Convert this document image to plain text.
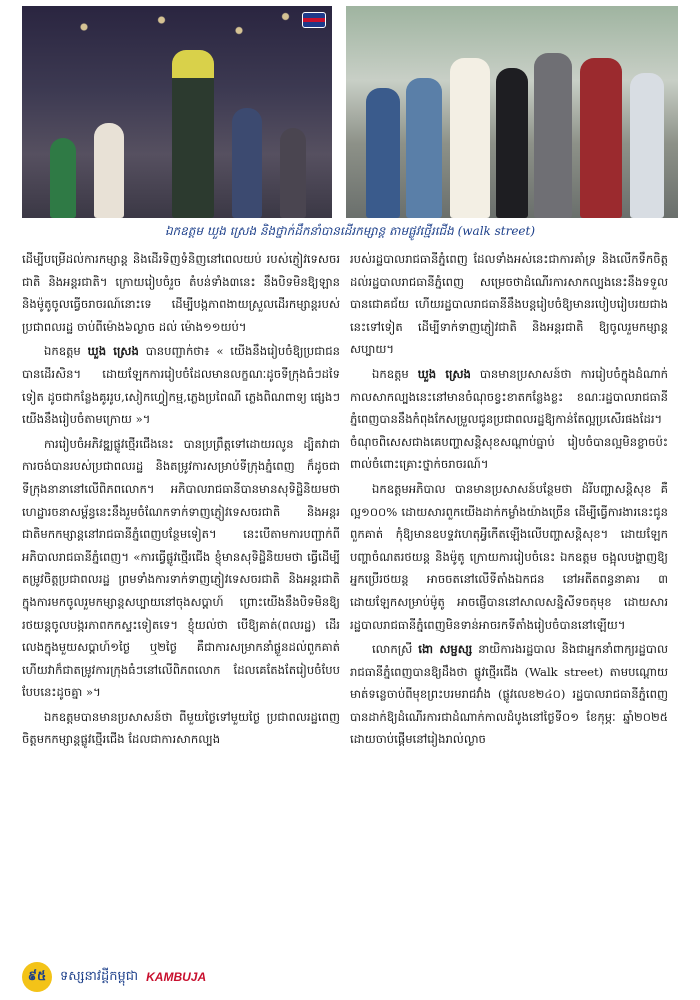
ឯកឧត្ដម ឃួង ស្រេង និងថ្នាក់ដឹកនាំបានដើរកម្សាន្ត តាមផ្លូវថ្មើរជើង (walk street)

ដើម្បីបម្រើដល់ការកម្សាន្ត និងដើរទិញទំនិញនៅពេលយប់ របស់ភ្ញៀវទេសចរជាតិ និងអន្តរជាតិ។ ក្រោយរៀបចំរួច តំបន់ទាំង៣នេះ នឹងបិទមិនឱ្យឡាន និងម៉ូតូចូលធ្វើចរាចរណ៍នោះទេ ដើម្បីបង្កភាពងាយស្រួលដើរកម្សាន្តរបស់ប្រជាពលរដ្ឋ ចាប់ពីម៉ោង៦ល្ងាច ដល់ ម៉ោង១១យប់។

ឯកឧត្តម ឃួង ស្រេង បានបញ្ជាក់ថា៖ « យើងនឹងរៀបចំឱ្យប្រជាជនបានដើរសិន។ ដោយឡែកការរៀបចំដែលមានលក្ខណៈដូចទីក្រុងធំៗដទៃទៀត ដូចជាកន្លែងគូររូប,សៀកហ្វៀកម្ម,ភ្លេងប្រពៃណី ភ្លេងពិណពាទ្យ ផ្សេងៗ យើងនឹងរៀបចំតាមក្រោយ »។

ការរៀបចំអភិវឌ្ឍផ្លូវថ្មើរជើងនេះ បានប្រព្រឹត្តទៅដោយរលូន ដ្បិតវាជាការចង់បានរបស់ប្រជាពលរដ្ឋ និងតម្រូវការសម្រាប់ទីក្រុងភ្នំពេញ ក៏ដូចជាទីក្រុងនានានៅលើពិភពលោក។ អភិបាលរាជធានីបានមានសុទិដ្ឋិនិយមថា ហេដ្ឋារចនាសម្ព័ន្ធនេះនឹងរួមចំណែកទាក់ទាញភ្ញៀវទេសចរជាតិ និងអន្តរជាតិមកកម្សាន្តនៅរាជធានីភ្នំពេញបន្ថែមទៀត។ នេះបើតាមការបញ្ជាក់ពីអភិបាលរាជធានីភ្នំពេញ។ «ការធ្វើផ្លូវថ្មើរជើង ខ្ញុំមានសុទិដ្ឋិនិយមថា ធ្វើដើម្បីតម្រូវចិត្តប្រជាពលរដ្ឋ ព្រមទាំងការទាក់ទាញភ្ញៀវទេសចរជាតិ និងអន្តរជាតិ ក្នុងការមកចូលរួមកម្សាន្តសប្បាយនៅចុងសប្តាហ៍ ព្រោះយើងនឹងបិទមិនឱ្យរថយន្តចូលបង្ករភាពកកស្ទះទៀតទេ។ ខ្ញុំយល់ថា បើឱ្យគាត់(ពលរដ្ឋ) ដើរលេងក្នុងមួយសប្តាហ៍១ថ្ងៃ ឬ២ថ្ងៃ គឺជាការសម្រាកនាំផ្លួនដល់ពួកគាត់ ហើយវាក៏ជាតម្រូវការក្រុងធំៗនៅលើពិភពលោក ដែលគេតែងតែរៀបចំបែបបែបនេះដូចគ្នា »។

ឯកឧត្តមបានមានប្រសាសន៍ថា ពីមួយថ្ងៃទៅមួយថ្ងៃ ប្រជាពលរដ្ឋពេញចិត្តមកកម្សាន្តផ្លូវថ្មើរជើង ដែលជាការសាកល្បង

របស់រដ្ឋបាលរាជធានីភ្នំពេញ ដែលទាំងអស់នេះជាការគាំទ្រ និងលើកទឹកចិត្តដល់រដ្ឋបាលរាជធានីភ្នំពេញ សម្រេចថាដំណើរការសាកល្បងនេះនឹងទទួលបានជោគជ័យ ហើយរដ្ឋបាលរាជធានីនឹងបន្តរៀបចំឱ្យមានរបៀបរៀបរយជាងនេះទៅទៀត ដើម្បីទាក់ទាញភ្ញៀវជាតិ និងអន្តរជាតិ ឱ្យចូលរួមកម្សាន្តសប្បាយ។

ឯកឧត្តម ឃួង ស្រេង បានមានប្រសាសន៍ថា ការរៀបចំក្នុងដំណាក់កាលសាកល្បងនេះនៅមានចំណុចខ្វះខាតកន្លែងខ្លះ ខណៈរដ្ឋបាលរាជធានីភ្នំពេញបាននឹងកំពុងកែសម្រួលជូនប្រជាពលរដ្ឋឱ្យកាន់តែល្អប្រសើរផងដែរ។ ចំណុចពិសេសជាងគេបញ្ហាសន្តិសុខសណ្តាប់ធ្នាប់ រៀបចំបានល្អមិនខ្លាចប៉ះពាល់ចំពោះគ្រោះថ្នាក់ចរាចរណ៍។

ឯកឧត្តមអភិបាល បានមានប្រសាសន៍បន្ថែមថា ដំរីបញ្ហាសន្តិសុខ គឺល្អ១០០% ដោយសារពួកយើងដាក់កម្លាំងយ៉ាងច្រើន ដើម្បីធ្វើការងារនេះជូនពួកគាត់ កុំឱ្យមានឧបទ្ទវហេតុអ្វីកើតឡើងលើបញ្ហាសន្តិសុខ។ ដោយឡែកបញ្ហាចំណតរថយន្ត និងម៉ូតូ ក្រោយការរៀបចំនេះ ឯកឧត្តម ចង្អុលបង្ហាញឱ្យអ្នកប្រើរថយន្ត អាចចតនៅលើទីតាំងឯកជន នៅអតីតពន្ធនាគារ ៣ ដោយឡែកសម្រាប់ម៉ូតូ អាចផ្ញើបាននៅសាលសន្និសីទចតុមុខ ដោយសាររដ្ឋបាលរាជធានីភ្នំពេញមិនទាន់អាចរកទីតាំងរៀបចំបាននៅឡើយ។

លោកស្រី ងោ សម្ផស្ស នាយិការងរដ្ឋបាល និងជាអ្នកនាំពាក្យរដ្ឋបាលរាជធានីភ្នំពេញបានឱ្យដឹងថា ផ្លូវថ្មើរជើង (Walk street) តាមបណ្តោយមាត់ទន្លេចាប់ពីមុខព្រះបរមរាជវាំង (ផ្លូវលេខ២៤០) រដ្ឋបាលរាជធានីភ្នំពេញ បានដាក់ឱ្យដំណើរការជាដំណាក់កាលដំបូងនៅថ្ងៃទី០១ ខែកុម្ភៈ ឆ្នាំ២០២៥ ដោយចាប់ផ្តើមនៅរៀងរាល់ល្ងាច

៩៥	ទស្សនាវដ្តីកម្ពុជា KAMBUJA
